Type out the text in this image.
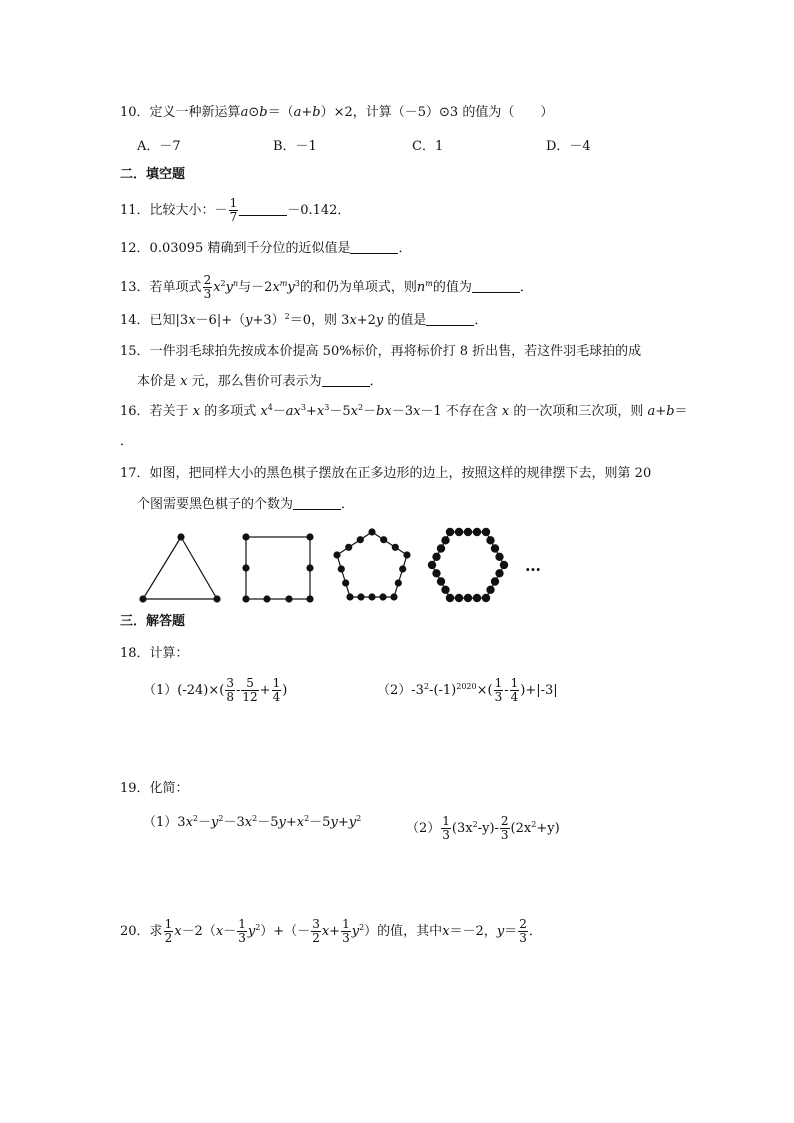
10．定义一种新运算a⊙b＝（a+b）×2，计算（－5）⊙3 的值为（　　）
A．－7	B．－1	C．1	D．－4
二．填空题
11．比较大小：－ $\frac{1}{7}$	－0.142．
12．0.03095 精确到千分位的近似值是	．
13．若单项式 $\frac{2}{3} x^2y^n$与$-2x^my^3$的和仍为单项式，则$n^m$的值为	．
14．已知$|3x-6|+(y+3)^2=0$，则 3x+2y 的值是	．
15．一件羽毛球拍先按成本价提高 50%标价，再将标价打 8 折出售，若这件羽毛球拍的成
本价是 x 元，那么售价可表示为	．
16．若关于 x 的多项式 $x^4-ax^3+x^3-5x^2-bx-3x-1$ 不存在含 x 的一次项和三次项，则 a+b＝
．
17．如图，把同样大小的黑色棋子摆放在正多边形的边上，按照这样的规律摆下去，则第 20
个图需要黑色棋子的个数为	．
…
三．解答题
18．计算：
$(1)(-24)\times( \frac{3}{8} - \frac{5}{12} + \frac{1}{4}$ )	$(2)-3^2-(-1)^{2020}\times( \frac{1}{3} - \frac{1}{4} )+|-3|$
19．化简：
$(1)3x^2-y^2-3x^2-5y+x^2-5y+y^2$
$(2) \frac{1}{3} (3x^2-y)- \frac{2}{3} (2x^2+y)$
20．求 $\frac{1}{2} x-2(x- \frac{1}{3} y^2)+(- \frac{3}{2} x+ \frac{1}{3} y^2)$的值，其中x＝－2，$y= \frac{2}{3}$ ．
